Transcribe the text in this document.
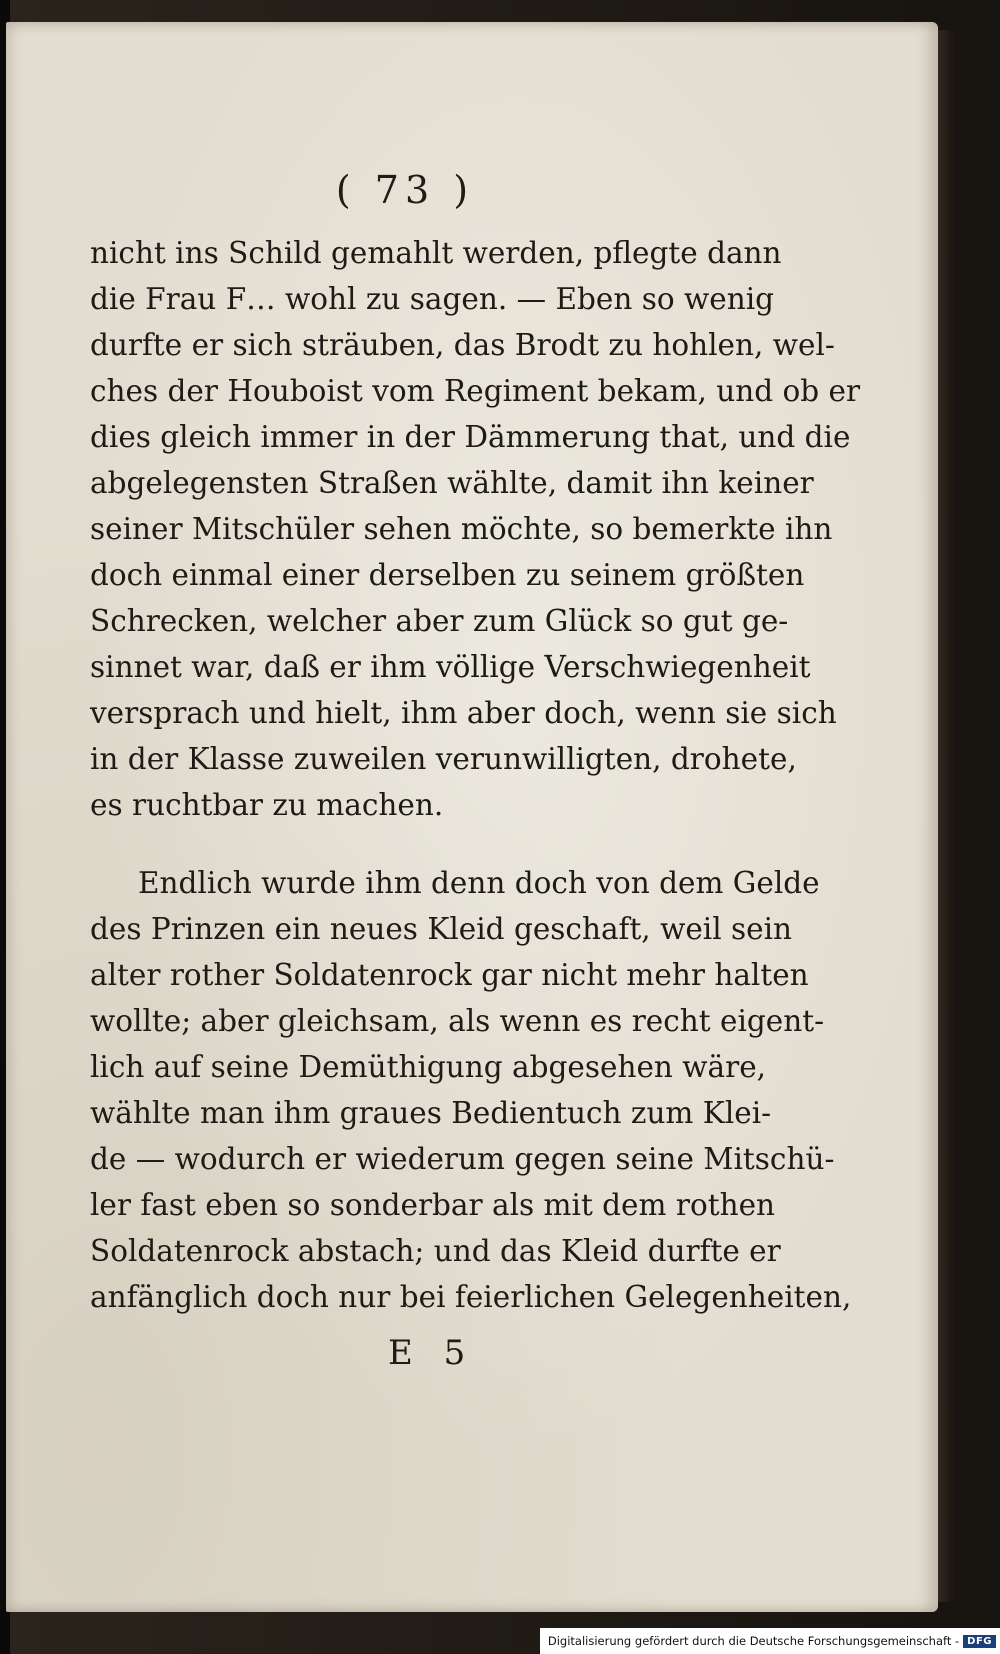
( 73 )
nicht ins Schild gemahlt werden, pflegte dann
die Frau F… wohl zu sagen. — Eben so wenig
durfte er sich sträuben, das Brodt zu hohlen, wel-
ches der Houboist vom Regiment bekam, und ob er
dies gleich immer in der Dämmerung that, und die
abgelegensten Straßen wählte, damit ihn keiner
seiner Mitschüler sehen möchte, so bemerkte ihn
doch einmal einer derselben zu seinem größten
Schrecken, welcher aber zum Glück so gut ge-
sinnet war, daß er ihm völlige Verschwiegenheit
versprach und hielt, ihm aber doch, wenn sie sich
in der Klasse zuweilen verunwilligten, drohete,
es ruchtbar zu machen.
Endlich wurde ihm denn doch von dem Gelde
des Prinzen ein neues Kleid geschaft, weil sein
alter rother Soldatenrock gar nicht mehr halten
wollte; aber gleichsam, als wenn es recht eigent-
lich auf seine Demüthigung abgesehen wäre,
wählte man ihm graues Bedientuch zum Klei-
de — wodurch er wiederum gegen seine Mitschü-
ler fast eben so sonderbar als mit dem rothen
Soldatenrock abstach; und das Kleid durfte er
anfänglich doch nur bei feierlichen Gelegenheiten,
E 5
Digitalisierung gefördert durch die Deutsche Forschungsgemeinschaft - DFG
